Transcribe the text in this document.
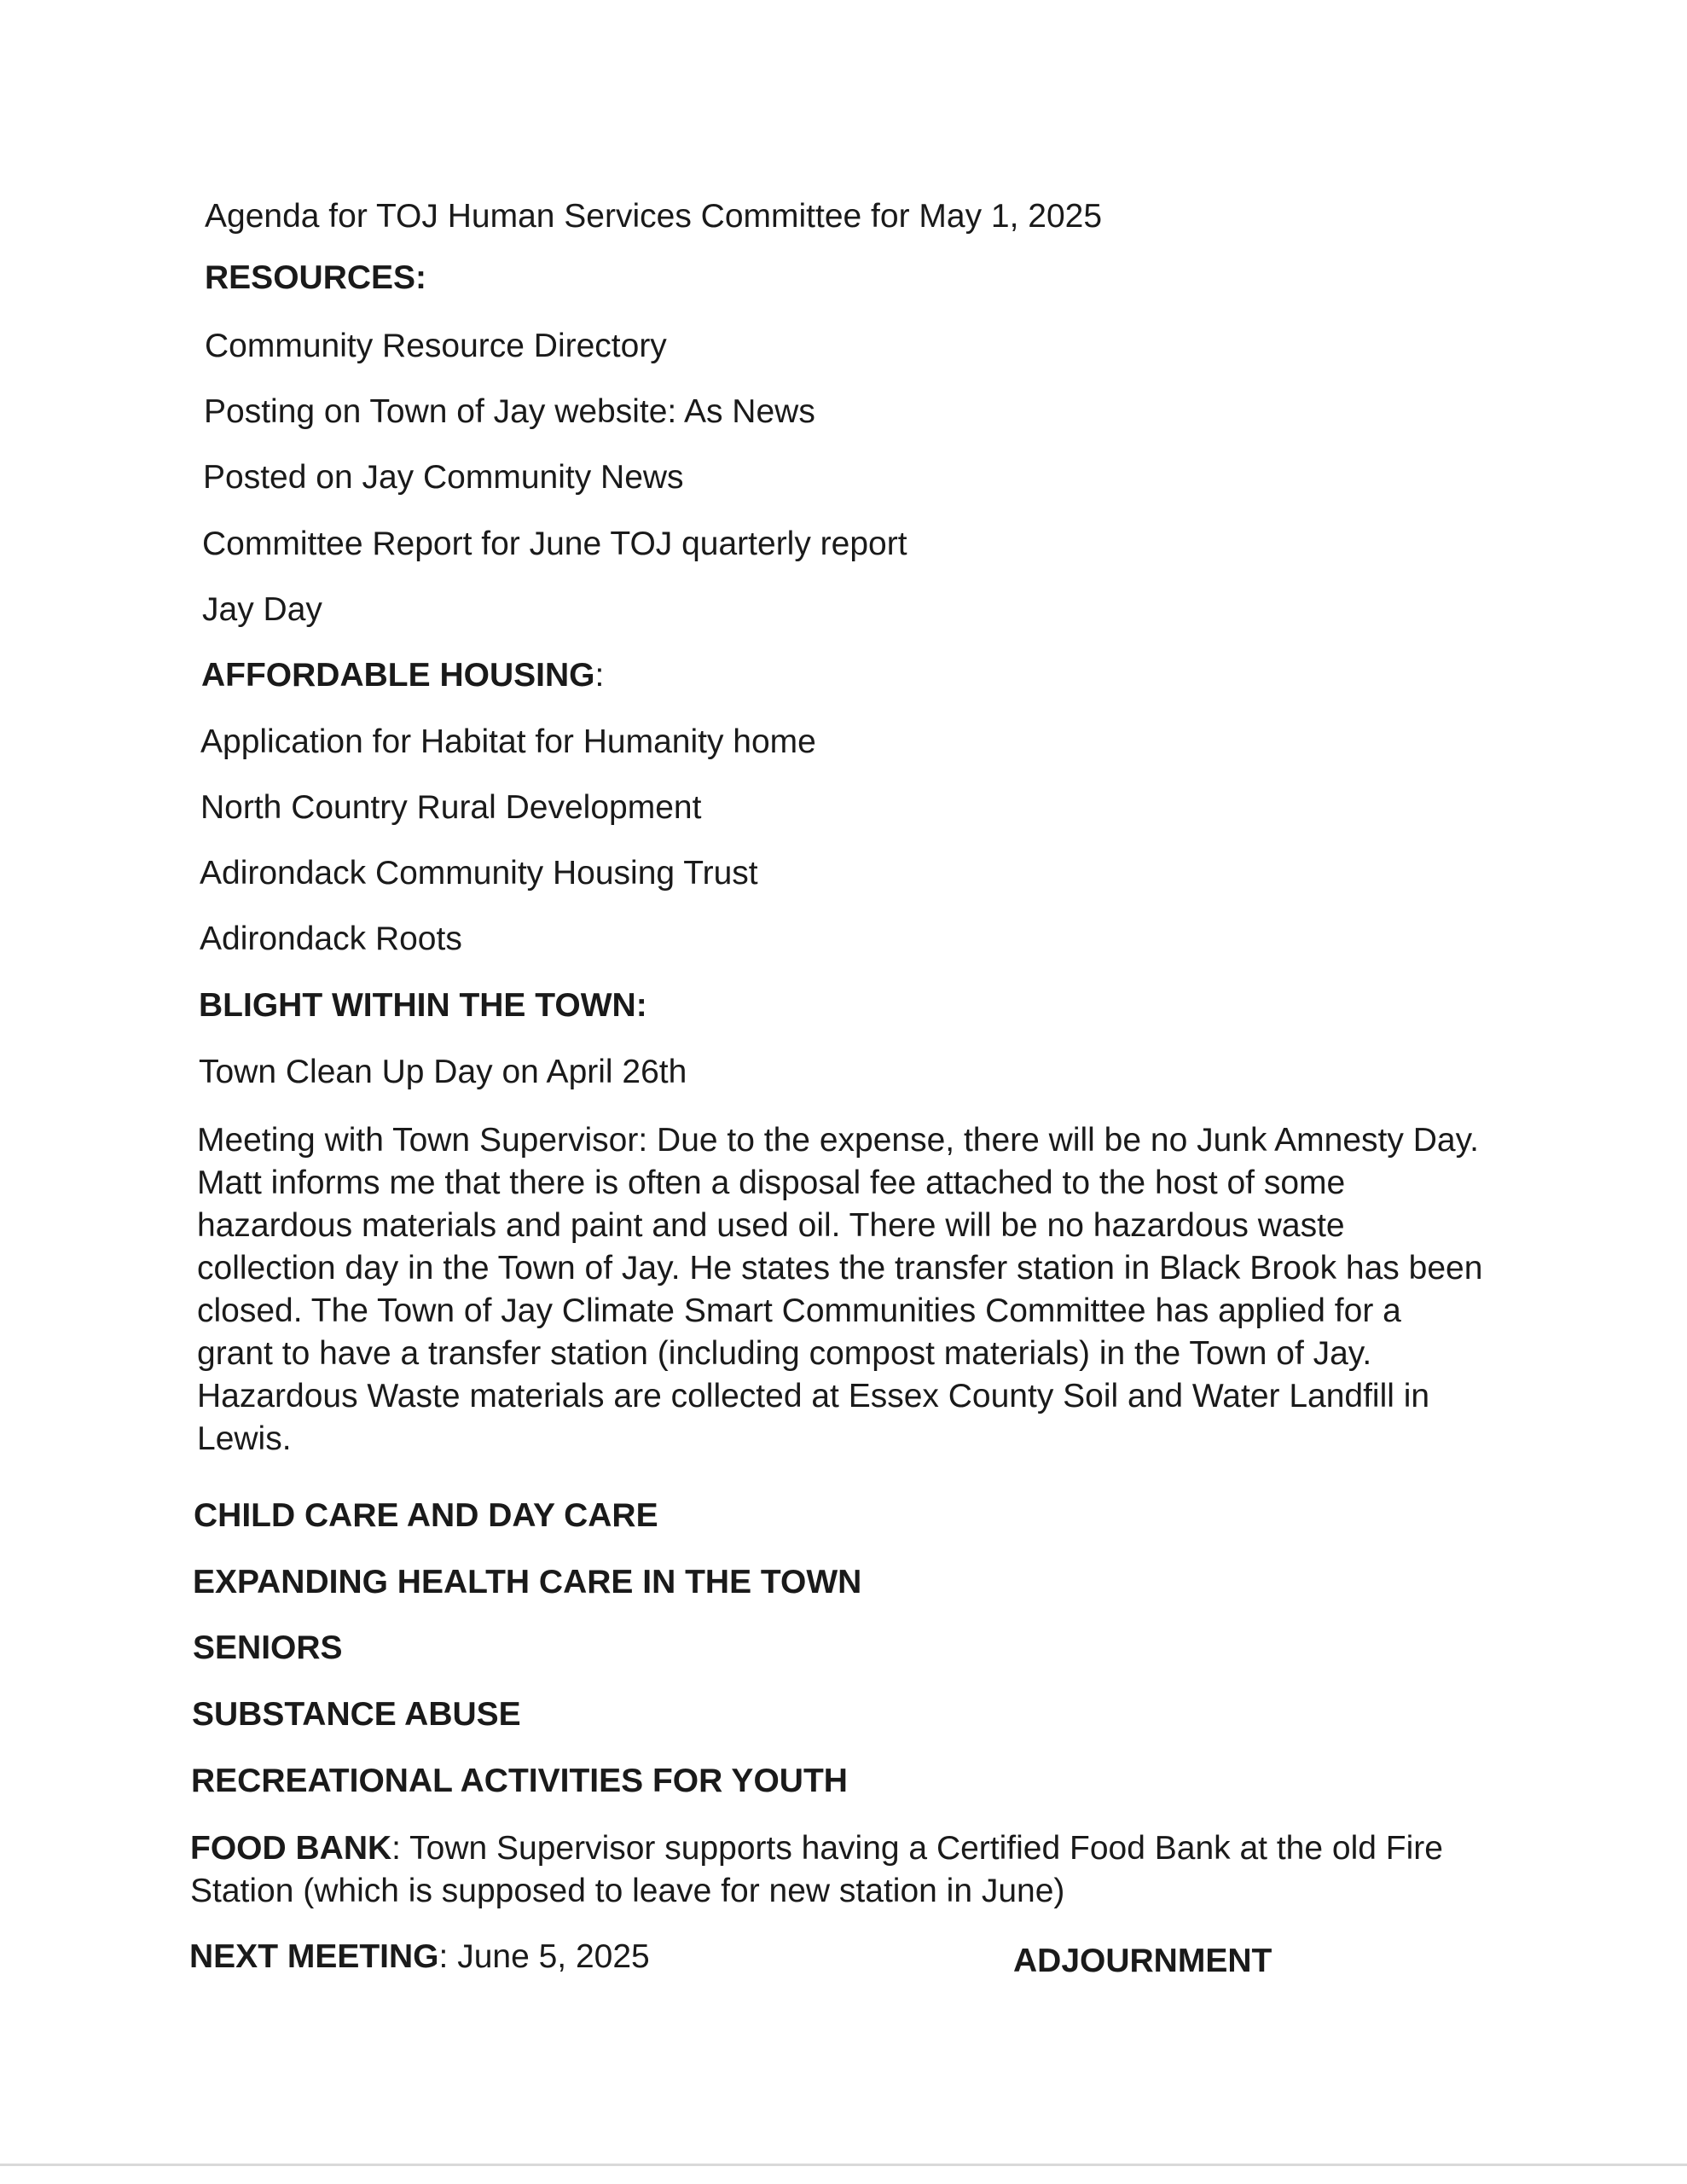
Agenda for TOJ Human Services Committee for May 1, 2025
RESOURCES:
Community Resource Directory
Posting on Town of Jay website: As News
Posted on Jay Community News
Committee Report for June TOJ quarterly report
Jay Day
AFFORDABLE HOUSING:
Application for Habitat for Humanity home
North Country Rural Development
Adirondack Community Housing Trust
Adirondack Roots
BLIGHT WITHIN THE TOWN:
Town Clean Up Day on April 26th
Meeting with Town Supervisor: Due to the expense, there will be no Junk Amnesty Day.
Matt informs me that there is often a disposal fee attached to the host of some
hazardous materials and paint and used oil. There will be no hazardous waste
collection day in the Town of Jay. He states the transfer station in Black Brook has been
closed. The Town of Jay Climate Smart Communities Committee has applied for a
grant to have a transfer station (including compost materials) in the Town of Jay.
Hazardous Waste materials are collected at Essex County Soil and Water Landfill in
Lewis.
CHILD CARE AND DAY CARE
EXPANDING HEALTH CARE IN THE TOWN
SENIORS
SUBSTANCE ABUSE
RECREATIONAL ACTIVITIES FOR YOUTH
FOOD BANK: Town Supervisor supports having a Certified Food Bank at the old Fire
Station (which is supposed to leave for new station in June)
NEXT MEETING: June 5, 2025	ADJOURNMENT
